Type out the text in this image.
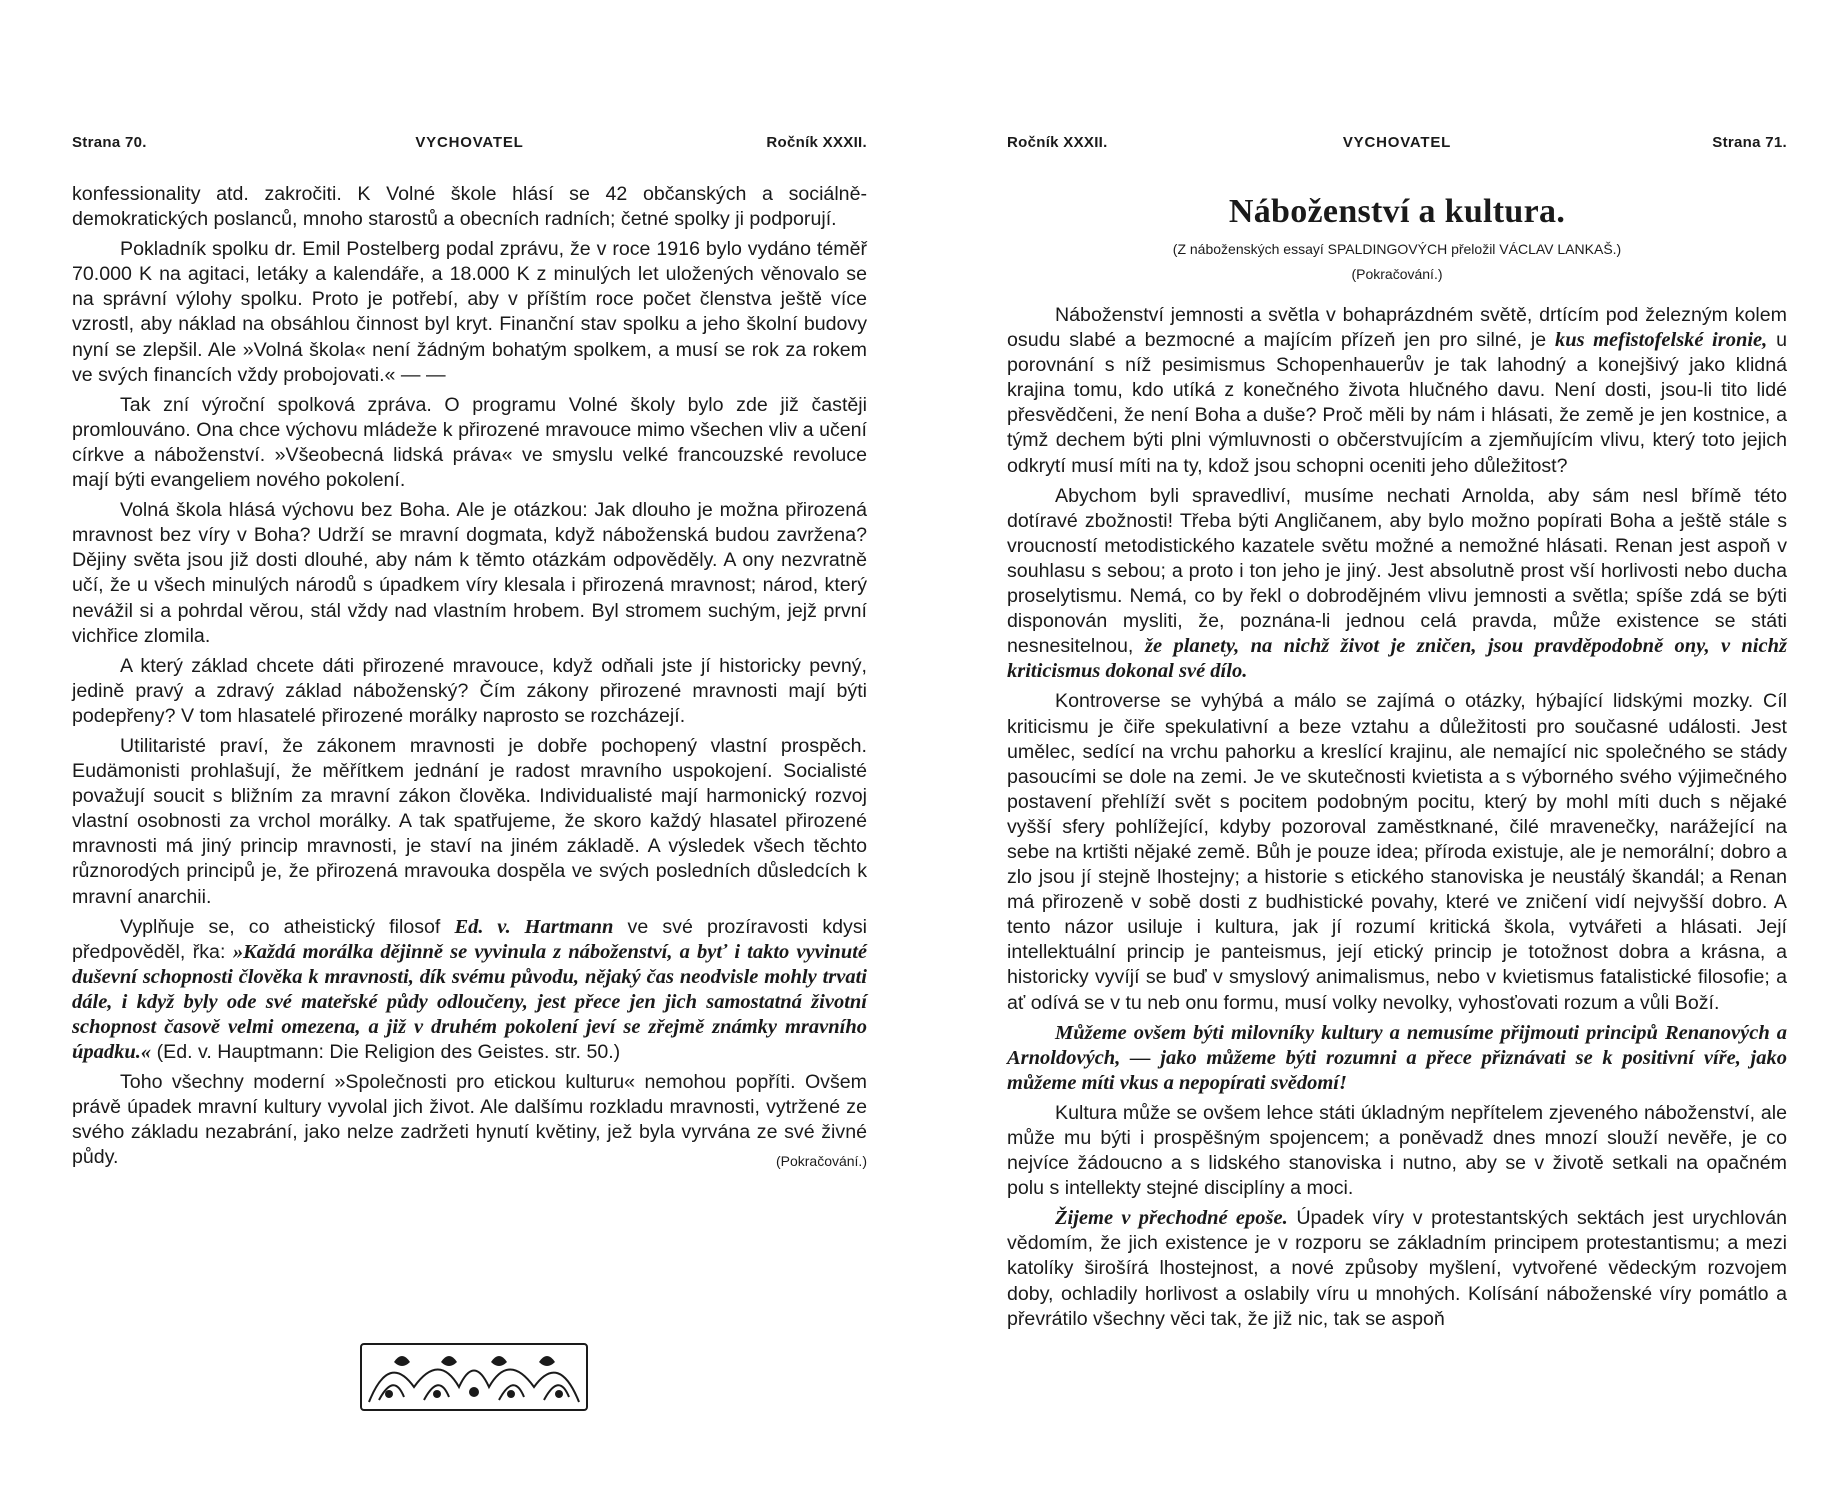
Strana 70.	VYCHOVATEL	Ročník XXXII.

konfessionality atd. zakročiti. K Volné škole hlásí se 42 občanských a sociálně-demokratických poslanců, mnoho starostů a obecních radních; četné spolky ji podporují.

Pokladník spolku dr. Emil Postelberg podal zprávu, že v roce 1916 bylo vydáno téměř 70.000 K na agitaci, letáky a kalendáře, a 18.000 K z minulých let uložených věnovalo se na správní výlohy spolku. Proto je potřebí, aby v příštím roce počet členstva ještě více vzrostl, aby náklad na obsáhlou činnost byl kryt. Finanční stav spolku a jeho školní budovy nyní se zlepšil. Ale »Volná škola« není žádným bohatým spolkem, a musí se rok za rokem ve svých financích vždy probojovati.« — —

Tak zní výroční spolková zpráva. O programu Volné školy bylo zde již častěji promlouváno. Ona chce výchovu mládeže k přirozené mravouce mimo všechen vliv a učení církve a náboženství. »Všeobecná lidská práva« ve smyslu velké francouzské revoluce mají býti evangeliem nového pokolení.

Volná škola hlásá výchovu bez Boha. Ale je otázkou: Jak dlouho je možna přirozená mravnost bez víry v Boha? Udrží se mravní dogmata, když náboženská budou zavržena? Dějiny světa jsou již dosti dlouhé, aby nám k těmto otázkám odpověděly. A ony nezvratně učí, že u všech minulých národů s úpadkem víry klesala i přirozená mravnost; národ, který nevážil si a pohrdal věrou, stál vždy nad vlastním hrobem. Byl stromem suchým, jejž první vichřice zlomila.

A který základ chcete dáti přirozené mravouce, když odňali jste jí historicky pevný, jedině pravý a zdravý základ náboženský? Čím zákony přirozené mravnosti mají býti podepřeny? V tom hlasatelé přirozené morálky naprosto se rozcházejí.

Utilitaristé praví, že zákonem mravnosti je dobře pochopený vlastní prospěch. Eudämonisti prohlašují, že měřítkem jednání je radost mravního uspokojení. Socialisté považují soucit s bližním za mravní zákon člověka. Individualisté mají harmonický rozvoj vlastní osobnosti za vrchol morálky. A tak spatřujeme, že skoro každý hlasatel přirozené mravnosti má jiný princip mravnosti, je staví na jiném základě. A výsledek všech těchto různorodých principů je, že přirozená mravouka dospěla ve svých posledních důsledcích k mravní anarchii.

Vyplňuje se, co atheistický filosof Ed. v. Hartmann ve své prozíravosti kdysi předpověděl, řka: »Každá morálka dějinně se vyvinula z náboženství, a byť i takto vyvinuté duševní schopnosti člověka k mravnosti, dík svému původu, nějaký čas neodvisle mohly trvati dále, i když byly ode své mateřské půdy odloučeny, jest přece jen jich samostatná životní schopnost časově velmi omezena, a již v druhém pokolení jeví se zřejmě známky mravního úpadku.« (Ed. v. Hauptmann: Die Religion des Geistes. str. 50.)

Toho všechny moderní »Společnosti pro etickou kulturu« nemohou popříti. Ovšem právě úpadek mravní kultury vyvolal jich život. Ale dalšímu rozkladu mravnosti, vytržené ze svého základu nezabrání, jako nelze zadržeti hynutí květiny, jež byla vyrvána ze své živné půdy.	(Pokračování.)

Ročník XXXII.	VYCHOVATEL	Strana 71.
Náboženství a kultura.
(Z náboženských essayí SPALDINGOVÝCH přeložil VÁCLAV LANKAŠ.)
(Pokračování.)

Náboženství jemnosti a světla v bohaprázdném světě, drtícím pod železným kolem osudu slabé a bezmocné a majícím přízeň jen pro silné, je kus mefistofelské ironie, u porovnání s níž pesimismus Schopenhauerův je tak lahodný a konejšivý jako klidná krajina tomu, kdo utíká z konečného života hlučného davu. Není dosti, jsou-li tito lidé přesvědčeni, že není Boha a duše? Proč měli by nám i hlásati, že země je jen kostnice, a týmž dechem býti plni výmluvnosti o občerstvujícím a zjemňujícím vlivu, který toto jejich odkrytí musí míti na ty, kdož jsou schopni oceniti jeho důležitost?

Abychom byli spravedliví, musíme nechati Arnolda, aby sám nesl břímě této dotíravé zbožnosti! Třeba býti Angličanem, aby bylo možno popírati Boha a ještě stále s vroucností metodistického kazatele světu možné a nemožné hlásati. Renan jest aspoň v souhlasu s sebou; a proto i ton jeho je jiný. Jest absolutně prost vší horlivosti nebo ducha proselytismu. Nemá, co by řekl o dobrodějném vlivu jemnosti a světla; spíše zdá se býti disponován mysliti, že, poznána-li jednou celá pravda, může existence se státi nesnesitelnou, že planety, na nichž život je zničen, jsou pravděpodobně ony, v nichž kriticismus dokonal své dílo.

Kontroverse se vyhýbá a málo se zajímá o otázky, hýbající lidskými mozky. Cíl kriticismu je čiře spekulativní a beze vztahu a důležitosti pro současné události. Jest umělec, sedící na vrchu pahorku a kreslící krajinu, ale nemající nic společného se stády pasoucími se dole na zemi. Je ve skutečnosti kvietista a s výborného svého výjimečného postavení přehlíží svět s pocitem podobným pocitu, který by mohl míti duch s nějaké vyšší sfery pohlížející, kdyby pozoroval zaměstknané, čilé mravenečky, narážející na sebe na krtišti nějaké země. Bůh je pouze idea; příroda existuje, ale je nemorální; dobro a zlo jsou jí stejně lhostejny; a historie s etického stanoviska je neustálý škandál; a Renan má přirozeně v sobě dosti z budhistické povahy, které ve zničení vidí nejvyšší dobro. A tento názor usiluje i kultura, jak jí rozumí kritická škola, vytvářeti a hlásati. Její intellektuální princip je panteismus, její etický princip je totožnost dobra a krásna, a historicky vyvíjí se buď v smyslový animalismus, nebo v kvietismus fatalistické filosofie; a ať odívá se v tu neb onu formu, musí volky nevolky, vyhosťovati rozum a vůli Boží.

Můžeme ovšem býti milovníky kultury a nemusíme přijmouti principů Renanových a Arnoldových, — jako můžeme býti rozumni a přece přiznávati se k positivní víře, jako můžeme míti vkus a nepopírati svědomí!

Kultura může se ovšem lehce státi úkladným nepřítelem zjeveného náboženství, ale může mu býti i prospěšným spojencem; a poněvadž dnes mnozí slouží nevěře, je co nejvíce žádoucno a s lidského stanoviska i nutno, aby se v životě setkali na opačném polu s intellekty stejné disciplíny a moci.

Žijeme v přechodné epoše. Úpadek víry v protestantských sektách jest urychlován vědomím, že jich existence je v rozporu se základním principem protestantismu; a mezi katolíky širošírá lhostejnost, a nové způsoby myšlení, vytvořené vědeckým rozvojem doby, ochladily horlivost a oslabily víru u mnohých. Kolísání náboženské víry pomátlo a převrátilo všechny věci tak, že již nic, tak se aspoň
